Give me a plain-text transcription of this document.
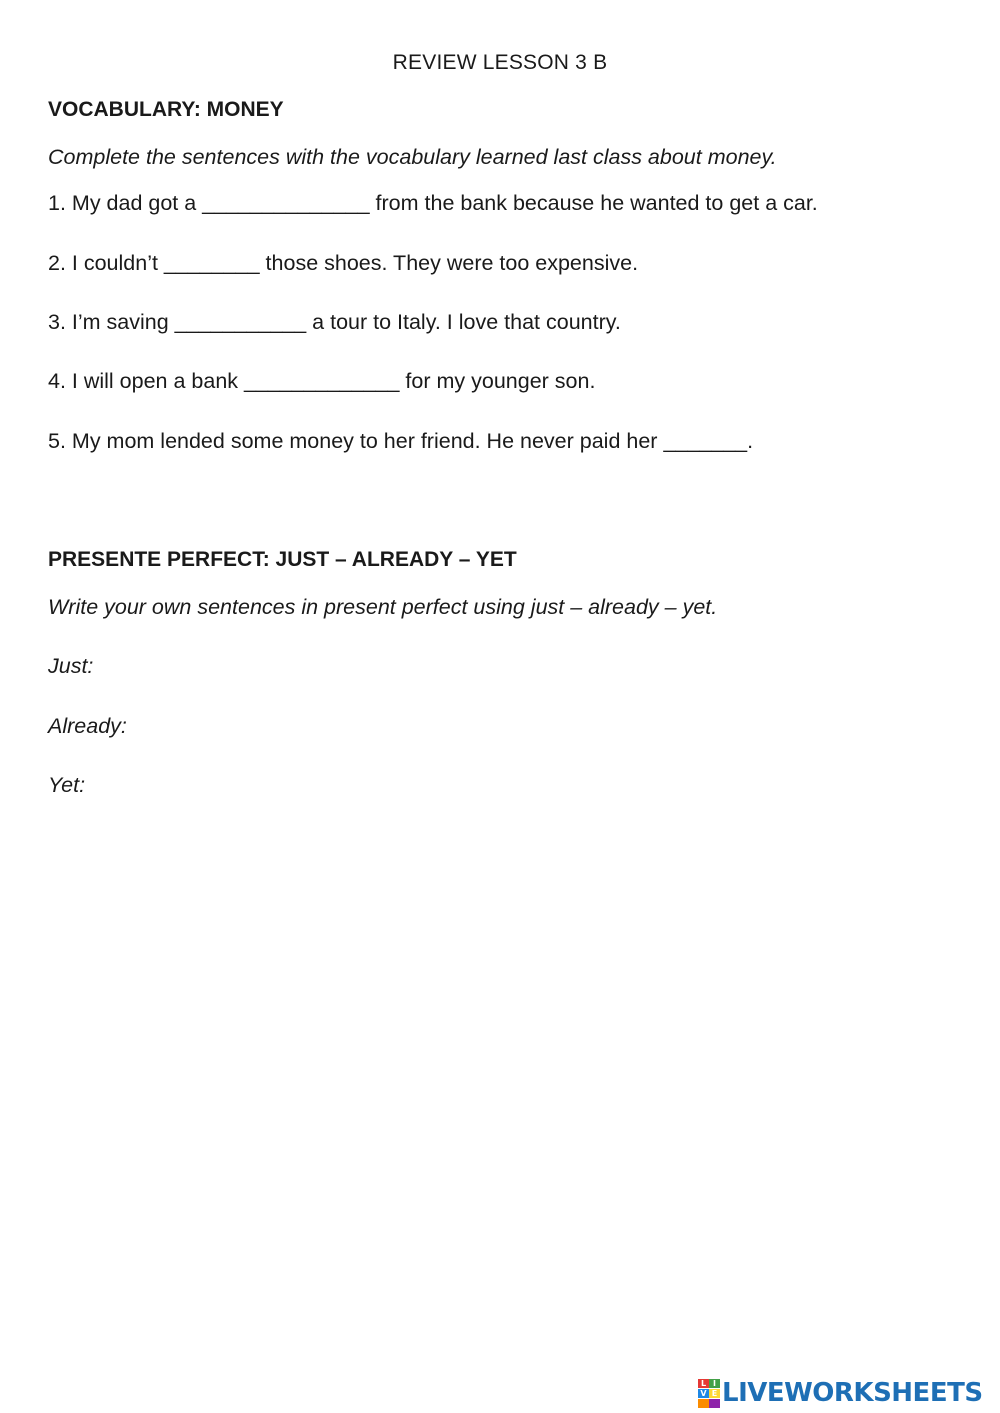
REVIEW LESSON 3 B
VOCABULARY: MONEY
Complete the sentences with the vocabulary learned last class about money.
1. My dad got a ______________ from the bank because he wanted to get a car.
2. I couldn’t ________ those shoes. They were too expensive.
3. I’m saving ___________ a tour to Italy. I love that country.
4. I will open a bank _____________ for my younger son.
5. My mom lended some money to her friend. He never paid her _______.
PRESENTE PERFECT: JUST – ALREADY – YET
Write your own sentences in present perfect using just – already – yet.
Just:
Already:
Yet:
L I
V E LIVEWORKSHEETS
